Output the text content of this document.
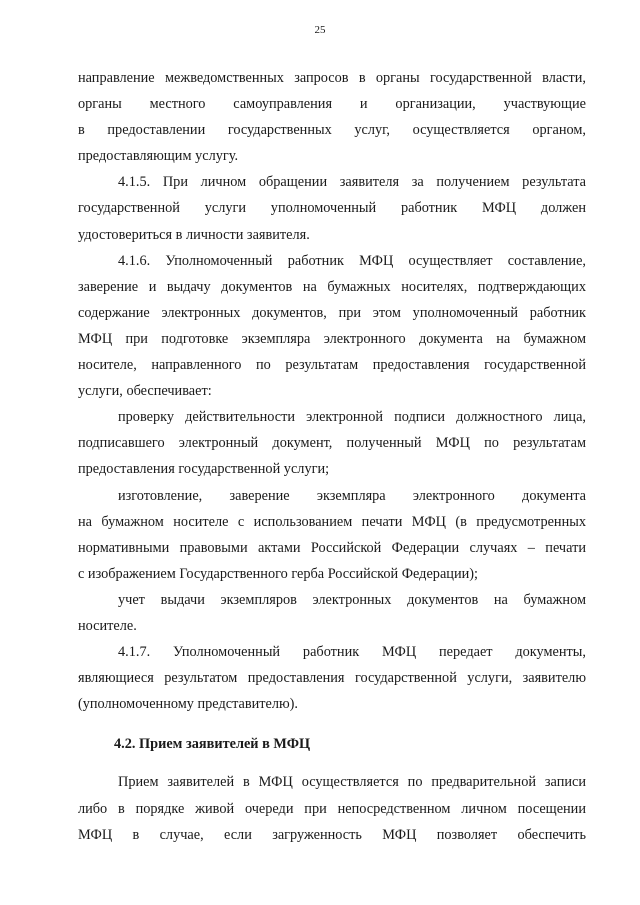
25
направление межведомственных запросов в органы государственной власти,
органы местного самоуправления и организации, участвующие
в предоставлении государственных услуг, осуществляется органом,
предоставляющим услугу.
4.1.5. При личном обращении заявителя за получением результата
государственной услуги уполномоченный работник МФЦ должен
удостовериться в личности заявителя.
4.1.6. Уполномоченный работник МФЦ осуществляет составление,
заверение и выдачу документов на бумажных носителях, подтверждающих
содержание электронных документов, при этом уполномоченный работник
МФЦ при подготовке экземпляра электронного документа на бумажном
носителе, направленного по результатам предоставления государственной
услуги, обеспечивает:
проверку действительности электронной подписи должностного лица,
подписавшего электронный документ, полученный МФЦ по результатам
предоставления государственной услуги;
изготовление, заверение экземпляра электронного документа
на бумажном носителе с использованием печати МФЦ (в предусмотренных
нормативными правовыми актами Российской Федерации случаях – печати
с изображением Государственного герба Российской Федерации);
учет выдачи экземпляров электронных документов на бумажном
носителе.
4.1.7. Уполномоченный работник МФЦ передает документы,
являющиеся результатом предоставления государственной услуги, заявителю
(уполномоченному представителю).
4.2. Прием заявителей в МФЦ
Прием заявителей в МФЦ осуществляется по предварительной записи
либо в порядке живой очереди при непосредственном личном посещении
МФЦ в случае, если загруженность МФЦ позволяет обеспечить
